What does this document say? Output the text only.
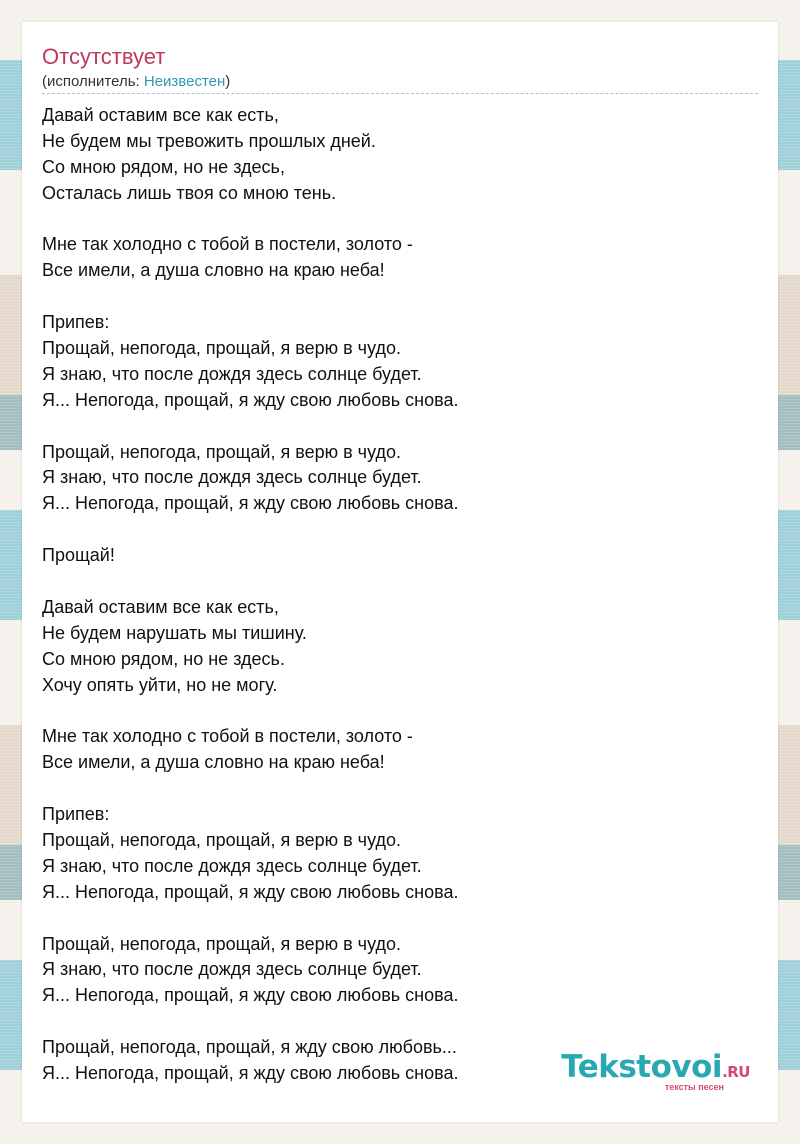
Отсутствует
(исполнитель: Неизвестен)
Давай оставим все как есть,
Не будем мы тревожить прошлых дней.
Со мною рядом, но не здесь,
Осталась лишь твоя со мною тень.
Мне так холодно с тобой в постели, золото -
Все имели, а душа словно на краю неба!
Припев:
Прощай, непогода, прощай, я верю в чудо.
Я знаю, что после дождя здесь солнце будет.
Я... Непогода, прощай, я жду свою любовь снова.
Прощай, непогода, прощай, я верю в чудо.
Я знаю, что после дождя здесь солнце будет.
Я... Непогода, прощай, я жду свою любовь снова.
Прощай!
Давай оставим все как есть,
Не будем нарушать мы тишину.
Со мною рядом, но не здесь.
Хочу опять уйти, но не могу.
Мне так холодно с тобой в постели, золото -
Все имели, а душа словно на краю неба!
Припев:
Прощай, непогода, прощай, я верю в чудо.
Я знаю, что после дождя здесь солнце будет.
Я... Непогода, прощай, я жду свою любовь снова.
Прощай, непогода, прощай, я верю в чудо.
Я знаю, что после дождя здесь солнце будет.
Я... Непогода, прощай, я жду свою любовь снова.
Прощай, непогода, прощай, я жду свою любовь...
Я... Непогода, прощай, я жду свою любовь снова.	Tekstovoi.RU
тексты песен
